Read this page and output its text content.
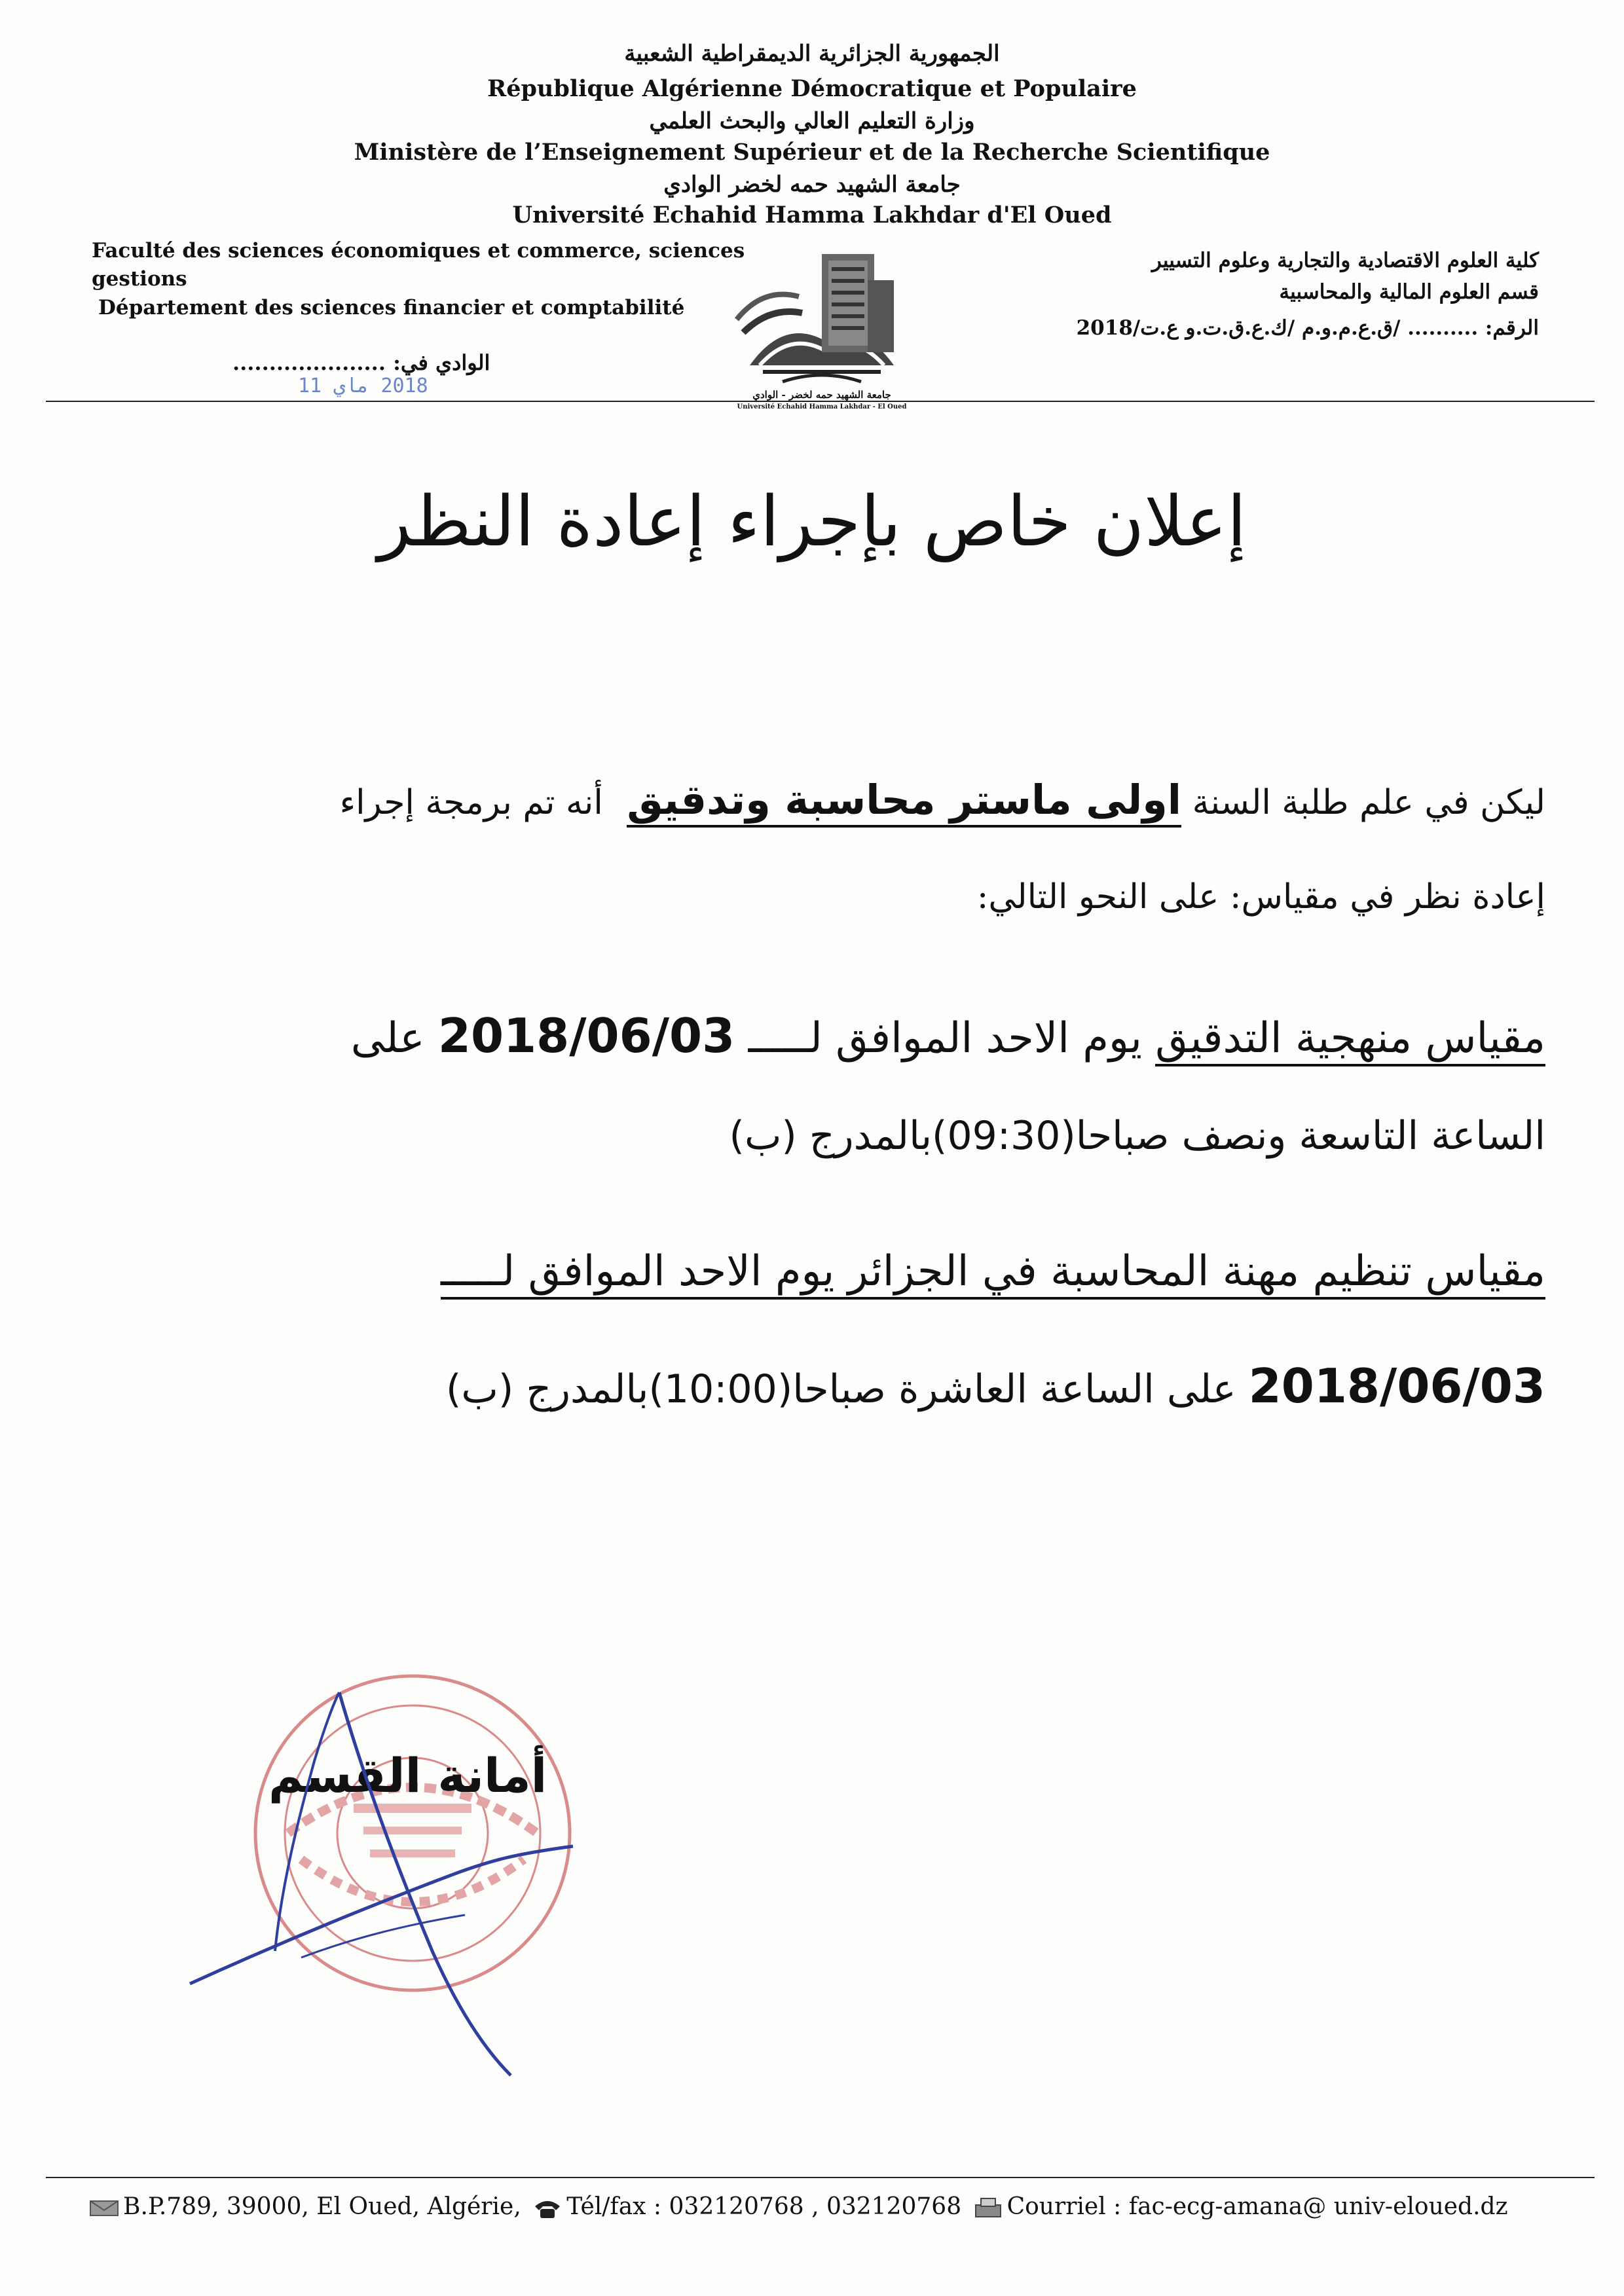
الجمهورية الجزائرية الديمقراطية الشعبية
République Algérienne Démocratique et Populaire
وزارة التعليم العالي والبحث العلمي
Ministère de l’Enseignement Supérieur et de la Recherche Scientifique
جامعة الشهيد حمه لخضر الوادي
Université Echahid Hamma Lakhdar d'El Oued
Faculté des sciences économiques et commerce, sciences
gestions
Département des sciences financier et comptabilité
..................... الوادي في:
2018 ماي 11
كلية العلوم الاقتصادية والتجارية وعلوم التسيير
قسم العلوم المالية والمحاسبية
الرقم: .......... /ق.ع.م.و.م /ك.ع.ق.ت.و ع.ت/2018
جامعة الشهيد حمه لخضر - الوادي
Université Echahid Hamma Lakhdar - El Oued
إعلان خاص بإجراء إعادة النظر
ليكن في علم طلبة السنة اولى ماستر محاسبة وتدقيق أنه تم برمجة إجراء
إعادة نظر في مقياس: على النحو التالي:
مقياس منهجية التدقيق يوم الاحد الموافق لـــــ 2018/06/03 على
الساعة التاسعة ونصف صباحا(09:30)بالمدرج (ب)
مقياس تنظيم مهنة المحاسبة في الجزائر يوم الاحد الموافق لـــــ
2018/06/03 على الساعة العاشرة صباحا(10:00)بالمدرج (ب)
أمانة القسم
B.P.789, 39000, El Oued, Algérie, Tél/fax : 032120768 , 032120768 Courriel : fac-ecg-amana@ univ-eloued.dz
